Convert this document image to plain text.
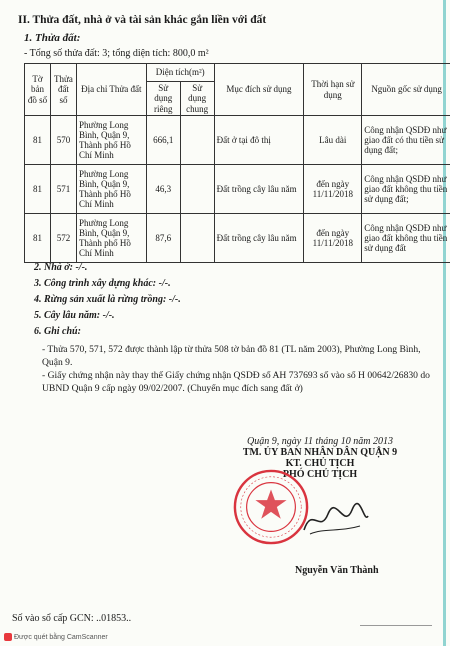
II. Thửa đất, nhà ở và tài sản khác gắn liền với đất
1. Thửa đất:
- Tổng số thửa đất: 3; tổng diện tích: 800,0 m²
Tờ bản đồ số	Thửa đất số	Địa chỉ Thửa đất	Diện tích(m²)		Mục đích sử dụng	Thời hạn sử dụng	Nguồn gốc sử dụng
			Sử dụng riêng	Sử dụng chung			
81	570	Phường Long Bình, Quận 9, Thành phố Hồ Chí Minh	666,1		Đất ở tại đô thị	Lâu dài	Công nhận QSDĐ như giao đất có thu tiền sử dụng đất;
81	571	Phường Long Bình, Quận 9, Thành phố Hồ Chí Minh	46,3		Đất trồng cây lâu năm	đến ngày 11/11/2018	Công nhận QSDĐ như giao đất không thu tiền sử dụng đất;
81	572	Phường Long Bình, Quận 9, Thành phố Hồ Chí Minh	87,6		Đất trồng cây lâu năm	đến ngày 11/11/2018	Công nhận QSDĐ như giao đất không thu tiền sử dụng đất
2. Nhà ở: -/-.
3. Công trình xây dựng khác: -/-.
4. Rừng sản xuất là rừng trồng: -/-.
5. Cây lâu năm: -/-.
6. Ghi chú:
- Thửa 570, 571, 572 được thành lập từ thửa 508 tờ bản đồ 81 (TL năm 2003), Phường Long Bình, Quận 9.
- Giấy chứng nhận này thay thế Giấy chứng nhận QSDĐ số AH 737693 số vào sổ H 00642/26830 do UBND Quận 9 cấp ngày 09/02/2007. (Chuyển mục đích sang đất ở)
Quận 9, ngày 11 tháng 10 năm 2013
TM. ỦY BAN NHÂN DÂN QUẬN 9
KT. CHỦ TỊCH
PHÓ CHỦ TỊCH
Nguyễn Văn Thành
Số vào sổ cấp GCN: ..01853..
Được quét bằng CamScanner
